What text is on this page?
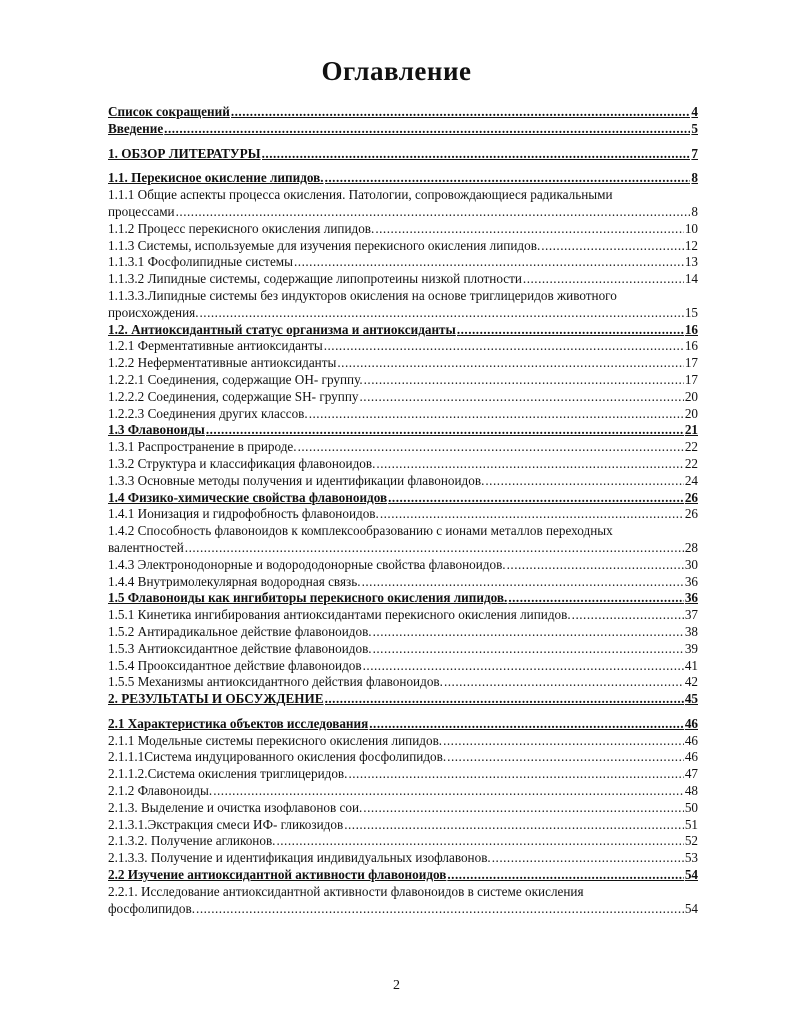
Оглавление
Список сокращений . . .	4
Введение . . .	5
1. ОБЗОР ЛИТЕРАТУРЫ . . .	7
1.1. Перекисное окисление липидов. . . .	8
1.1.1 Общие аспекты процесса окисления. Патологии, сопровождающиеся радикальными
процессами . . .	8
1.1.2 Процесс перекисного окисления липидов. . . .	10
1.1.3 Системы, используемые для изучения перекисного окисления липидов. . . .	12
1.1.3.1 Фосфолипидные системы . . .	13
1.1.3.2 Липидные системы, содержащие липопротеины низкой плотности . . .	14
1.1.3.3.Липидные системы без индукторов окисления на основе триглицеридов животного
происхождения. . . .	15
1.2. Антиоксидантный статус организма и антиоксиданты . . .	16
1.2.1 Ферментативные антиоксиданты . . .	16
1.2.2 Неферментативные антиоксиданты . . .	17
1.2.2.1 Соединения, содержащие ОН- группу. . . .	17
1.2.2.2 Соединения, содержащие SH- группу . . .	20
1.2.2.3 Соединения других классов. . . .	20
1.3 Флавоноиды . . .	21
1.3.1 Распространение в природе. . . .	22
1.3.2 Структура и классификация флавоноидов. . . .	22
1.3.3 Основные методы получения и идентификации флавоноидов. . . .	24
1.4 Физико-химические свойства флавоноидов . . .	26
1.4.1 Ионизация и гидрофобность флавоноидов. . . .	26
1.4.2 Способность флавоноидов к комплексообразованию с ионами металлов переходных
валентностей . . .	28
1.4.3 Электронодонорные и водорододонорные свойства флавоноидов. . . .	30
1.4.4 Внутримолекулярная водородная связь. . . .	36
1.5 Флавоноиды как ингибиторы перекисного окисления липидов. . . .	36
1.5.1 Кинетика ингибирования антиоксидантами перекисного окисления липидов. . . .	37
1.5.2 Антирадикальное действие флавоноидов. . . .	38
1.5.3 Антиоксидантное действие флавоноидов. . . .	39
1.5.4 Прооксидантное действие флавоноидов . . .	41
1.5.5 Механизмы антиоксидантного действия флавоноидов. . . .	42
2. РЕЗУЛЬТАТЫ И ОБСУЖДЕНИЕ . . .	45
2.1 Характеристика объектов исследования . . .	46
2.1.1 Модельные системы перекисного окисления липидов. . . .	46
2.1.1.1Система индуцированного окисления фосфолипидов. . . .	46
2.1.1.2.Система окисления триглицеридов. . . .	47
2.1.2 Флавоноиды. . . .	48
2.1.3. Выделение и очистка изофлавонов сои. . . .	50
2.1.3.1.Экстракция смеси ИФ- гликозидов . . .	51
2.1.3.2. Получение агликонов. . . .	52
2.1.3.3. Получение и идентификация индивидуальных изофлавонов. . . .	53
2.2 Изучение антиоксидантной активности флавоноидов . . .	54
2.2.1. Исследование антиоксидантной активности флавоноидов в системе окисления
фосфолипидов. . . .	54
2
